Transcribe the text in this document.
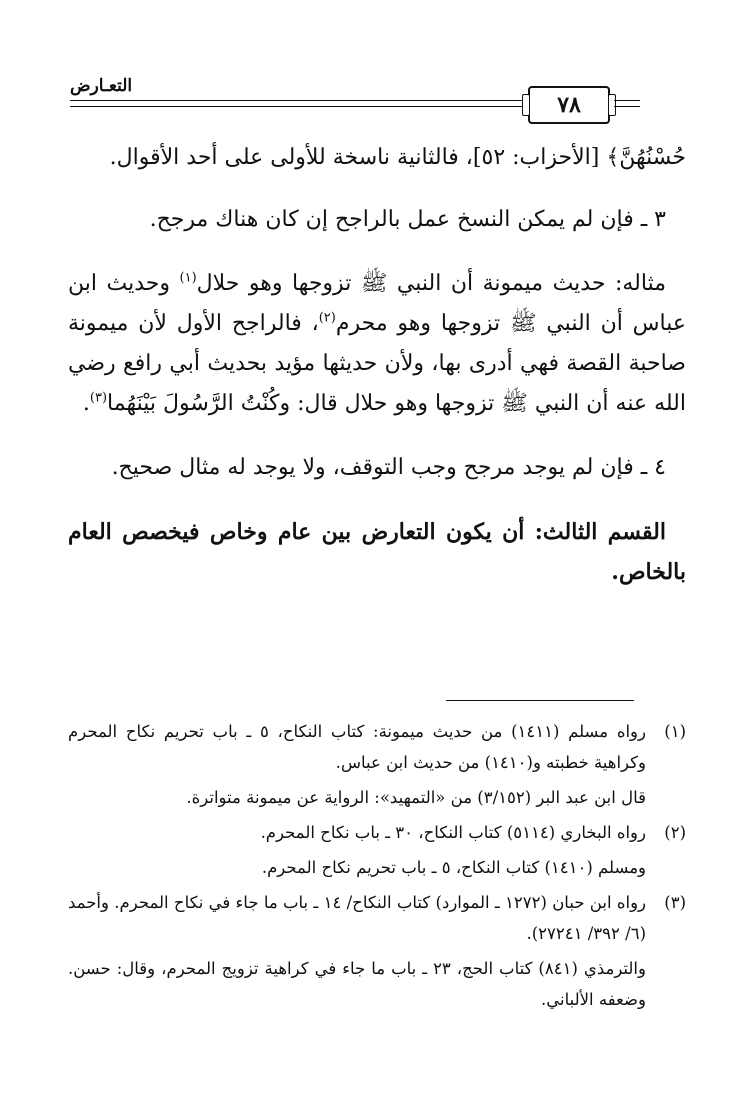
التعـارض
٧٨

حُسْنُهُنَّ﴾ [الأحزاب: ٥٢]، فالثانية ناسخة للأولى على أحد الأقوال.

٣ ـ فإن لم يمكن النسخ عمل بالراجح إن كان هناك مرجح.

مثاله: حديث ميمونة أن النبي ﷺ تزوجها وهو حلال$^{(١)}$ وحديث ابن عباس أن النبي ﷺ تزوجها وهو محرم$^{(٢)}$، فالراجح الأول لأن ميمونة صاحبة القصة فهي أدرى بها، ولأن حديثها مؤيد بحديث أبي رافع رضي الله عنه أن النبي ﷺ تزوجها وهو حلال قال: وكُنْتُ الرَّسُولَ بَيْنَهُما$^{(٣)}$.

٤ ـ فإن لم يوجد مرجح وجب التوقف، ولا يوجد له مثال صحيح.

القسم الثالث: أن يكون التعارض بين عام وخاص فيخصص العام بالخاص.

(١)
رواه مسلم (١٤١١) من حديث ميمونة: كتاب النكاح، ٥ ـ باب تحريم نكاح المحرم وكراهية خطبته و(١٤١٠) من حديث ابن عباس.
قال ابن عبد البر (٣/١٥٢) من «التمهيد»: الرواية عن ميمونة متواترة.
(٢)
رواه البخاري (٥١١٤) كتاب النكاح، ٣٠ ـ باب نكاح المحرم.
ومسلم (١٤١٠) كتاب النكاح، ٥ ـ باب تحريم نكاح المحرم.
(٣)
رواه ابن حبان (١٢٧٢ ـ الموارد) كتاب النكاح/ ١٤ ـ باب ما جاء في نكاح المحرم. وأحمد (٦/ ٣٩٢/ ٢٧٢٤١).
والترمذي (٨٤١) كتاب الحج، ٢٣ ـ باب ما جاء في كراهية تزويج المحرم، وقال: حسن. وضعفه الألباني.
